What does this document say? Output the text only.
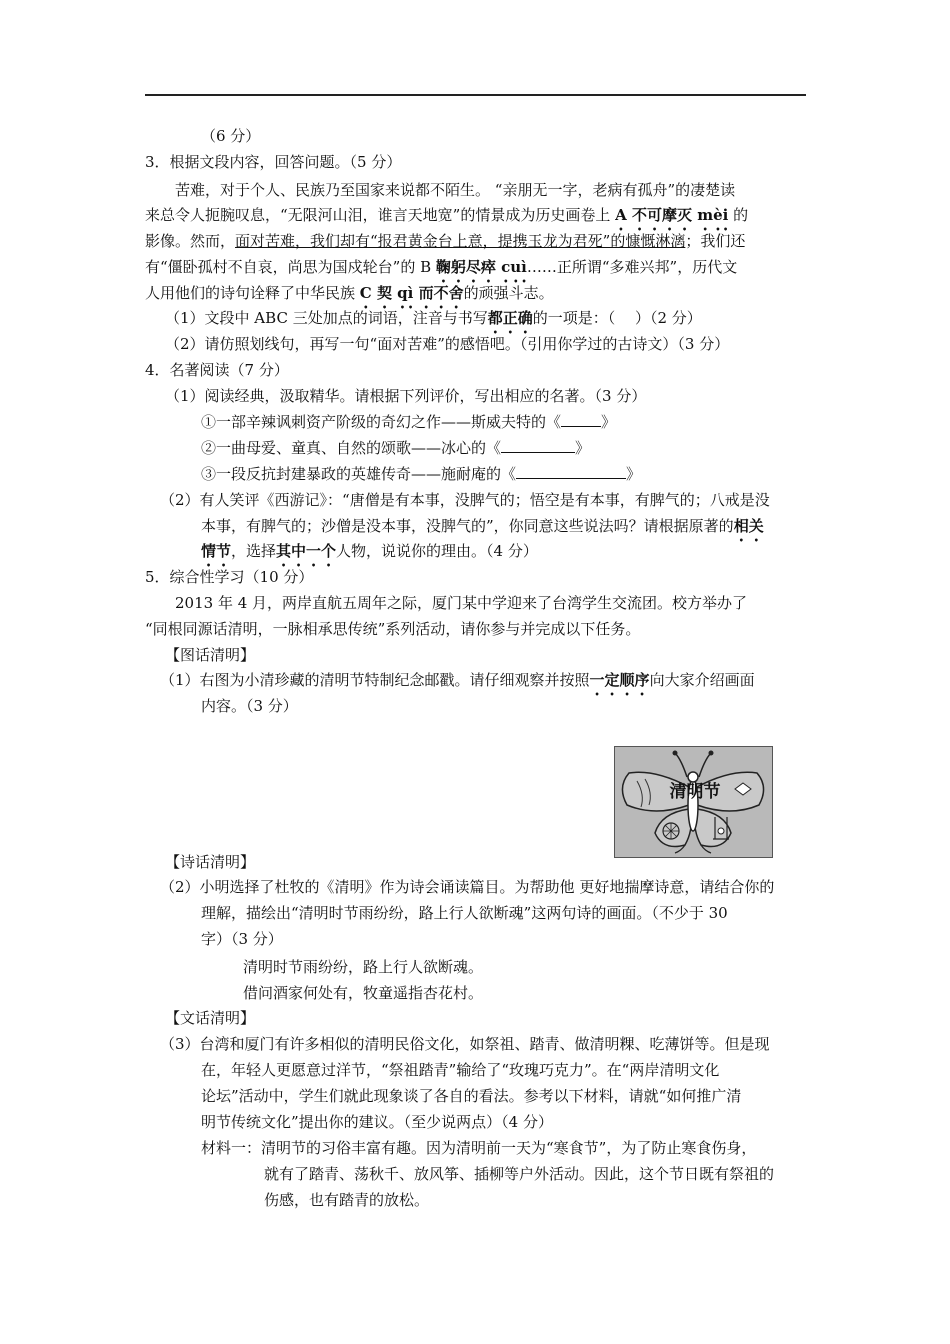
（6 分）
3．根据文段内容，回答问题。（5 分）
苦难，对于个人、民族乃至国家来说都不陌生。 “亲朋无一字，老病有孤舟”的凄楚读
来总令人扼腕叹息，“无限河山泪，谁言天地宽”的情景成为历史画卷上 A 不可摩灭 mèi 的
影像。然而，面对苦难，我们却有“报君黄金台上意，提携玉龙为君死”的慷慨淋漓；我们还
有“僵卧孤村不自哀，尚思为国戍轮台”的 B 鞠躬尽瘁 cuì……正所谓“多难兴邦”，历代文
人用他们的诗句诠释了中华民族 C 契 qì 而不舍的顽强斗志。
（1）文段中 ABC 三处加点的词语，注音与书写都正确的一项是：（　 ）（2 分）
（2）请仿照划线句，再写一句“面对苦难”的感悟吧。（引用你学过的古诗文）（3 分）
4．名著阅读（7 分）
（1）阅读经典，汲取精华。请根据下列评价，写出相应的名著。（3 分）
①一部辛辣讽刺资产阶级的奇幻之作——斯威夫特的《	》
②一曲母爱、童真、自然的颂歌——冰心的《	》
③一段反抗封建暴政的英雄传奇——施耐庵的《	》
（2）有人笑评《西游记》：“唐僧是有本事，没脾气的；悟空是有本事，有脾气的；八戒是没
本事，有脾气的；沙僧是没本事，没脾气的”，你同意这些说法吗？请根据原著的相关
情节，选择其中一个人物，说说你的理由。（4 分）
5．综合性学习（10 分）
2013 年 4 月，两岸直航五周年之际，厦门某中学迎来了台湾学生交流团。校方举办了
“同根同源话清明，一脉相承思传统”系列活动，请你参与并完成以下任务。
【图话清明】
（1）右图为小清珍藏的清明节特制纪念邮戳。请仔细观察并按照一定顺序向大家介绍画面
内容。（3 分）
清明节
【诗话清明】
（2）小明选择了杜牧的《清明》作为诗会诵读篇目。为帮助他 更好地揣摩诗意，请结合你的
理解，描绘出“清明时节雨纷纷，路上行人欲断魂”这两句诗的画面。（不少于 30
字）（3 分）
清明时节雨纷纷，路上行人欲断魂。
借问酒家何处有，牧童遥指杏花村。
【文话清明】
（3）台湾和厦门有许多相似的清明民俗文化，如祭祖、踏青、做清明粿、吃薄饼等。但是现
在，年轻人更愿意过洋节，“祭祖踏青”输给了“玫瑰巧克力”。在“两岸清明文化
论坛”活动中，学生们就此现象谈了各自的看法。参考以下材料，请就“如何推广清
明节传统文化”提出你的建议。（至少说两点）（4 分）
材料一：清明节的习俗丰富有趣。因为清明前一天为“寒食节”，为了防止寒食伤身，
就有了踏青、荡秋千、放风筝、插柳等户外活动。因此，这个节日既有祭祖的
伤感，也有踏青的放松。
